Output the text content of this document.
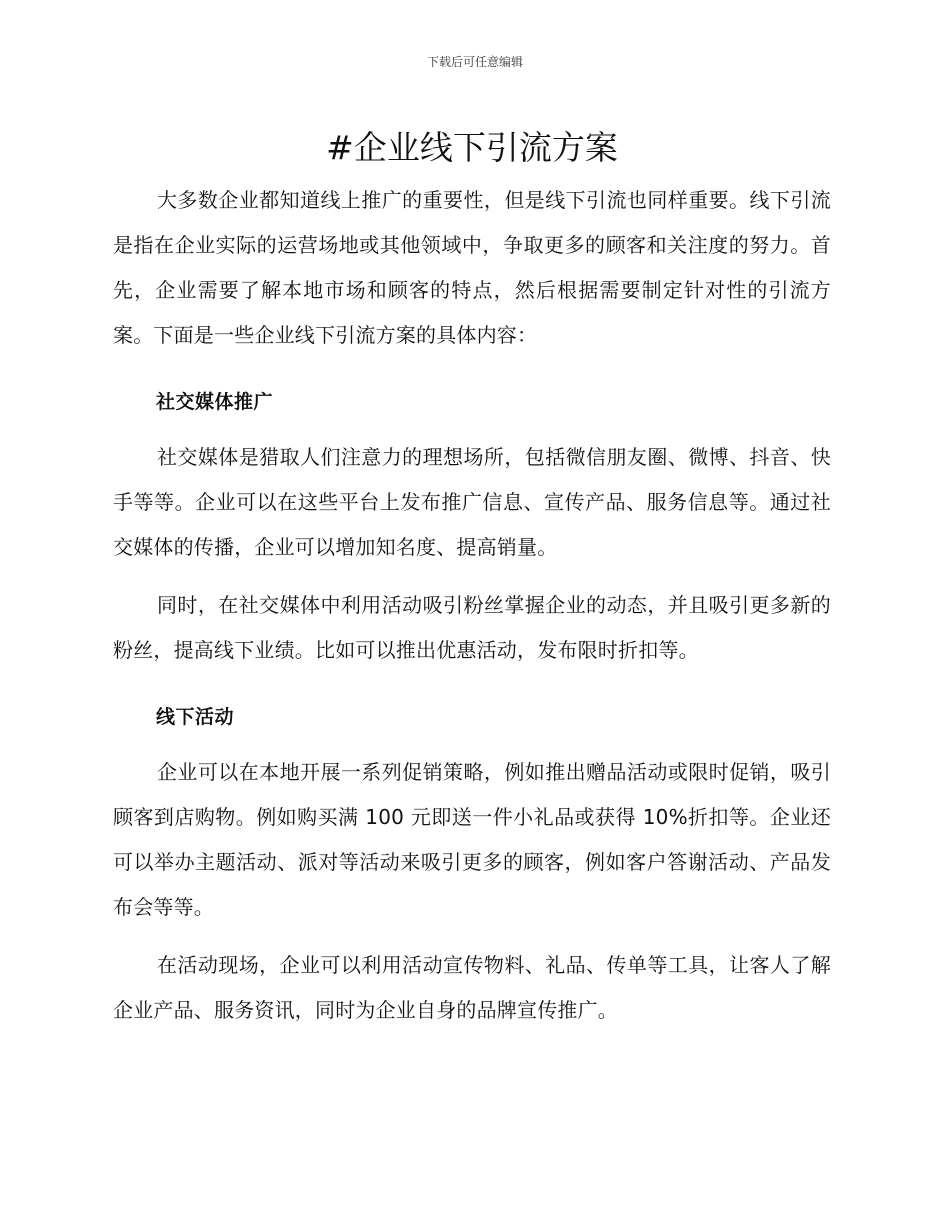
下载后可任意编辑
#企业线下引流方案

大多数企业都知道线上推广的重要性，但是线下引流也同样重要。线下引流是指在企业实际的运营场地或其他领域中，争取更多的顾客和关注度的努力。首先，企业需要了解本地市场和顾客的特点，然后根据需要制定针对性的引流方案。下面是一些企业线下引流方案的具体内容：

社交媒体推广

社交媒体是猎取人们注意力的理想场所，包括微信朋友圈、微博、抖音、快手等等。企业可以在这些平台上发布推广信息、宣传产品、服务信息等。通过社交媒体的传播，企业可以增加知名度、提高销量。

同时，在社交媒体中利用活动吸引粉丝掌握企业的动态，并且吸引更多新的粉丝，提高线下业绩。比如可以推出优惠活动，发布限时折扣等。

线下活动

企业可以在本地开展一系列促销策略，例如推出赠品活动或限时促销，吸引顾客到店购物。例如购买满 100 元即送一件小礼品或获得 10%折扣等。企业还可以举办主题活动、派对等活动来吸引更多的顾客，例如客户答谢活动、产品发布会等等。

在活动现场，企业可以利用活动宣传物料、礼品、传单等工具，让客人了解企业产品、服务资讯，同时为企业自身的品牌宣传推广。
